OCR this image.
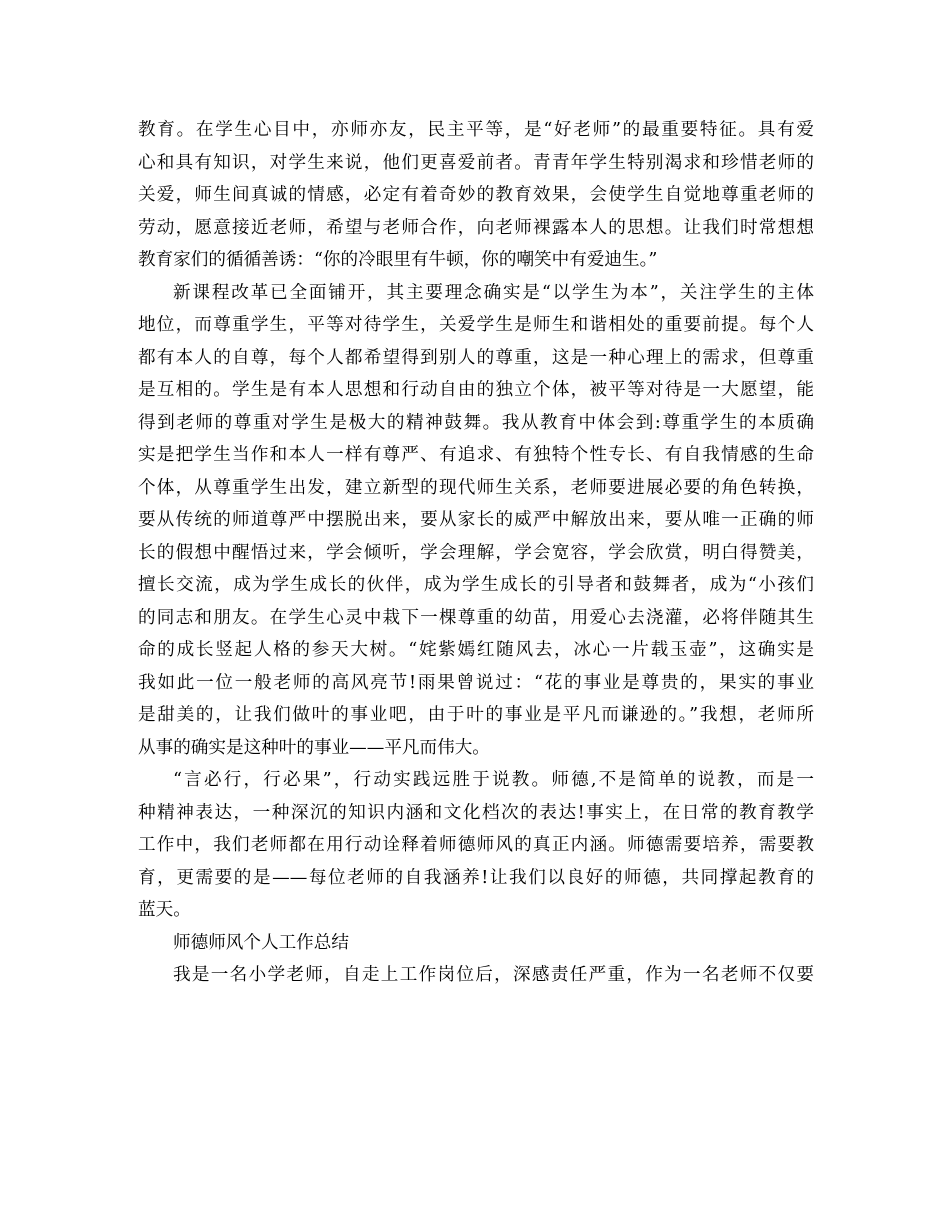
教育。在学生心目中，亦师亦友，民主平等，是“好老师”的最重要特征。具有爱
心和具有知识，对学生来说，他们更喜爱前者。青青年学生特别渴求和珍惜老师的
关爱，师生间真诚的情感，必定有着奇妙的教育效果，会使学生自觉地尊重老师的
劳动，愿意接近老师，希望与老师合作，向老师裸露本人的思想。让我们时常想想
教育家们的循循善诱：“你的冷眼里有牛顿，你的嘲笑中有爱迪生。”
新课程改革已全面铺开，其主要理念确实是“以学生为本”，关注学生的主体
地位，而尊重学生，平等对待学生，关爱学生是师生和谐相处的重要前提。每个人
都有本人的自尊，每个人都希望得到别人的尊重，这是一种心理上的需求，但尊重
是互相的。学生是有本人思想和行动自由的独立个体，被平等对待是一大愿望，能
得到老师的尊重对学生是极大的精神鼓舞。我从教育中体会到:尊重学生的本质确
实是把学生当作和本人一样有尊严、有追求、有独特个性专长、有自我情感的生命
个体，从尊重学生出发，建立新型的现代师生关系，老师要进展必要的角色转换，
要从传统的师道尊严中摆脱出来，要从家长的威严中解放出来，要从唯一正确的师
长的假想中醒悟过来，学会倾听，学会理解，学会宽容，学会欣赏，明白得赞美，
擅长交流，成为学生成长的伙伴，成为学生成长的引导者和鼓舞者，成为“小孩们
的同志和朋友。在学生心灵中栽下一棵尊重的幼苗，用爱心去浇灌，必将伴随其生
命的成长竖起人格的参天大树。“姹紫嫣红随风去，冰心一片载玉壶”，这确实是
我如此一位一般老师的高风亮节!雨果曾说过：“花的事业是尊贵的，果实的事业
是甜美的，让我们做叶的事业吧，由于叶的事业是平凡而谦逊的。”我想，老师所
从事的确实是这种叶的事业——平凡而伟大。
“言必行，行必果”，行动实践远胜于说教。师德,不是简单的说教，而是一
种精神表达，一种深沉的知识内涵和文化档次的表达!事实上，在日常的教育教学
工作中，我们老师都在用行动诠释着师德师风的真正内涵。师德需要培养，需要教
育，更需要的是——每位老师的自我涵养!让我们以良好的师德，共同撑起教育的
蓝天。
师德师风个人工作总结
我是一名小学老师，自走上工作岗位后，深感责任严重，作为一名老师不仅要
